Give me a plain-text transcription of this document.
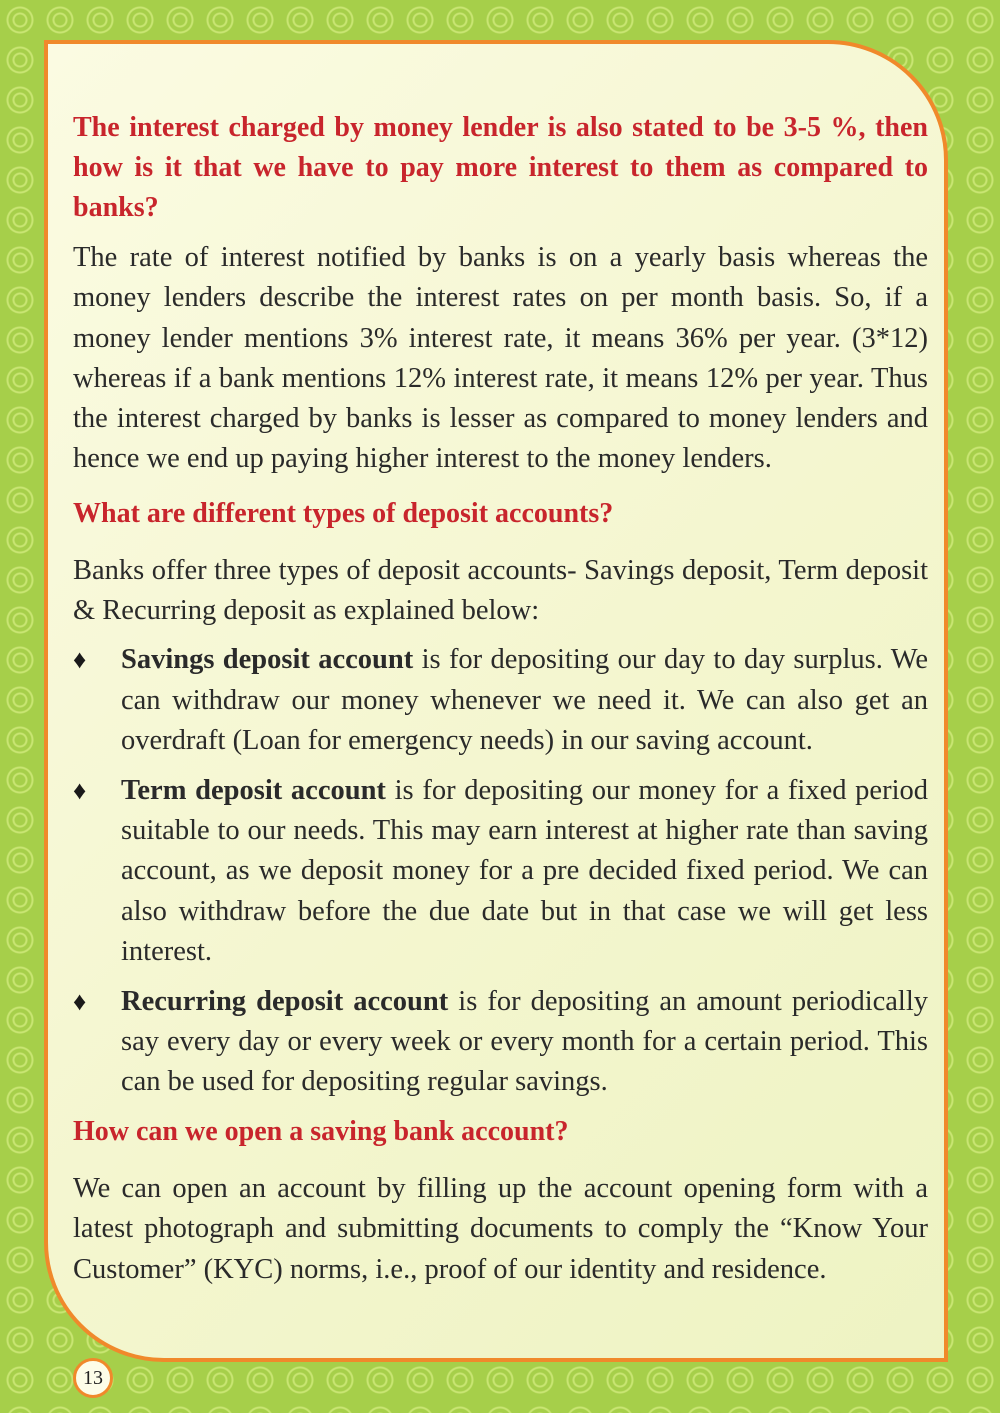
The interest charged by money lender is also stated to be 3-5 %, then how is it that we have to pay more interest to them as compared to banks?

The rate of interest notified by banks is on a yearly basis whereas the money lenders describe the interest rates on per month basis. So, if a money lender mentions 3% interest rate, it means 36% per year. (3*12) whereas if a bank mentions 12% interest rate, it means 12% per year. Thus the interest charged by banks is lesser as compared to money lenders and hence we end up paying higher interest to the money lenders.

What are different types of deposit accounts?

Banks offer three types of deposit accounts- Savings deposit, Term deposit & Recurring deposit as explained below:

♦ Savings deposit account is for depositing our day to day surplus. We can withdraw our money whenever we need it. We can also get an overdraft (Loan for emergency needs) in our saving account.

♦ Term deposit account is for depositing our money for a fixed period suitable to our needs. This may earn interest at higher rate than saving account, as we deposit money for a pre decided fixed period. We can also withdraw before the due date but in that case we will get less interest.

♦ Recurring deposit account is for depositing an amount periodically say every day or every week or every month for a certain period. This can be used for depositing regular savings.

How can we open a saving bank account?

We can open an account by filling up the account opening form with a latest photograph and submitting documents to comply the “Know Your Customer” (KYC) norms, i.e., proof of our identity and residence.

13
